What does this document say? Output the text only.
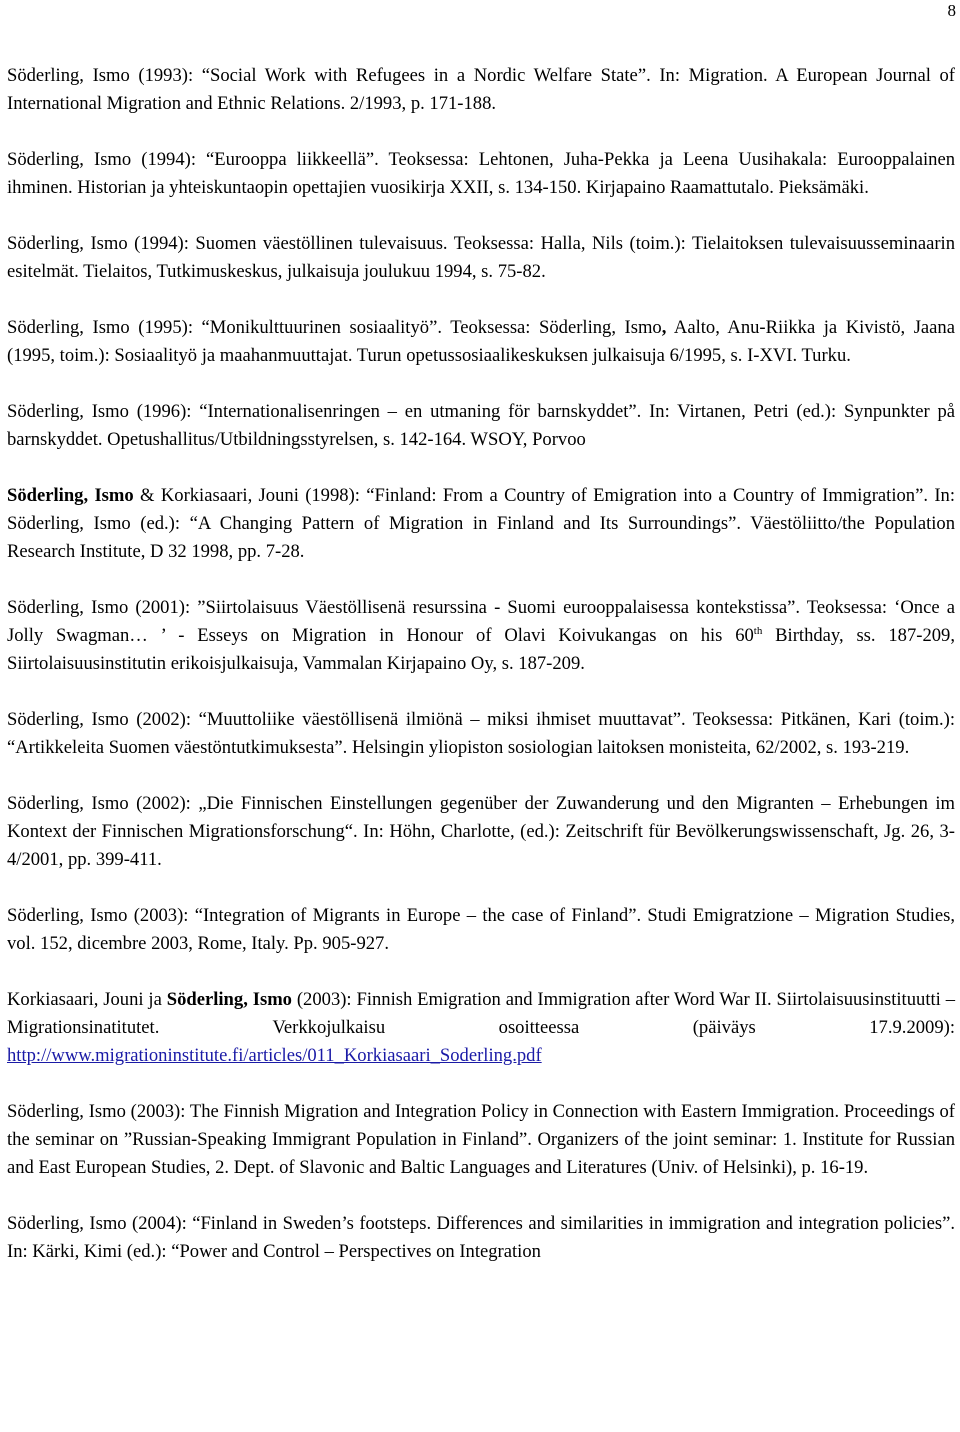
8

Söderling, Ismo (1993): “Social Work with Refugees in a Nordic Welfare State”. In: Migration. A European Journal of International Migration and Ethnic Relations. 2/1993, p. 171-188.

Söderling, Ismo (1994): “Eurooppa liikkeellä”. Teoksessa: Lehtonen, Juha-Pekka ja Leena Uusihakala: Eurooppalainen ihminen. Historian ja yhteiskuntaopin opettajien vuosikirja XXII, s. 134-150. Kirjapaino Raamattutalo. Pieksämäki.

Söderling, Ismo (1994): Suomen väestöllinen tulevaisuus. Teoksessa: Halla, Nils (toim.): Tielaitoksen tulevaisuusseminaarin esitelmät. Tielaitos, Tutkimuskeskus, julkaisuja joulukuu 1994, s. 75-82.

Söderling, Ismo (1995): “Monikulttuurinen sosiaalityö”. Teoksessa: Söderling, Ismo, Aalto, Anu-Riikka ja Kivistö, Jaana (1995, toim.): Sosiaalityö ja maahanmuuttajat. Turun opetussosiaalikeskuksen julkaisuja 6/1995, s. I-XVI. Turku.

Söderling, Ismo (1996): “Internationalisenringen – en utmaning för barnskyddet”. In: Virtanen, Petri (ed.): Synpunkter på barnskyddet. Opetushallitus/Utbildningsstyrelsen, s. 142-164. WSOY, Porvoo

Söderling, Ismo & Korkiasaari, Jouni (1998): “Finland: From a Country of Emigration into a Country of Immigration”. In: Söderling, Ismo (ed.): “A Changing Pattern of Migration in Finland and Its Surroundings”. Väestöliitto/the Population Research Institute, D 32 1998, pp. 7-28.

Söderling, Ismo (2001): ”Siirtolaisuus Väestöllisenä resurssina - Suomi eurooppalaisessa kontekstissa”. Teoksessa: ‘Once a Jolly Swagman… ’ - Esseys on Migration in Honour of Olavi Koivukangas on his 60th Birthday, ss. 187-209, Siirtolaisuusinstitutin erikoisjulkaisuja, Vammalan Kirjapaino Oy, s. 187-209.

Söderling, Ismo (2002): “Muuttoliike väestöllisenä ilmiönä – miksi ihmiset muuttavat”. Teoksessa: Pitkänen, Kari (toim.): “Artikkeleita Suomen väestöntutkimuksesta”. Helsingin yliopiston sosiologian laitoksen monisteita, 62/2002, s. 193-219.

Söderling, Ismo (2002): „Die Finnischen Einstellungen gegenüber der Zuwanderung und den Migranten – Erhebungen im Kontext der Finnischen Migrationsforschung“. In: Höhn, Charlotte, (ed.): Zeitschrift für Bevölkerungswissenschaft, Jg. 26, 3-4/2001, pp. 399-411.

Söderling, Ismo (2003): “Integration of Migrants in Europe – the case of Finland”. Studi Emigratzione – Migration Studies, vol. 152, dicembre 2003, Rome, Italy. Pp. 905-927.

Korkiasaari, Jouni ja Söderling, Ismo (2003): Finnish Emigration and Immigration after Word War II. Siirtolaisuusinstituutti – Migrationsinatitutet. Verkkojulkaisu osoitteessa (päiväys 17.9.2009): http://www.migrationinstitute.fi/articles/011_Korkiasaari_Soderling.pdf

Söderling, Ismo (2003): The Finnish Migration and Integration Policy in Connection with Eastern Immigration. Proceedings of the seminar on ”Russian-Speaking Immigrant Population in Finland”. Organizers of the joint seminar: 1. Institute for Russian and East European Studies, 2. Dept. of Slavonic and Baltic Languages and Literatures (Univ. of Helsinki), p. 16-19.

Söderling, Ismo (2004): “Finland in Sweden’s footsteps. Differences and similarities in immigration and integration policies”. In: Kärki, Kimi (ed.): “Power and Control – Perspectives on Integration
